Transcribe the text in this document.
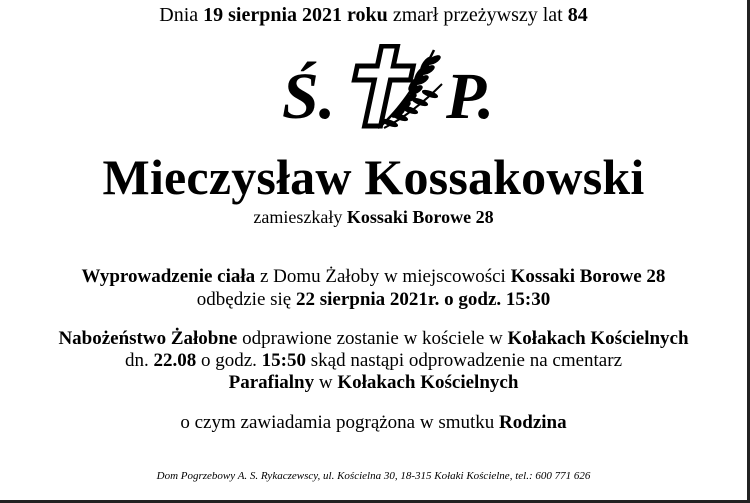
Dnia 19 sierpnia 2021 roku zmarł przeżywszy lat 84
Ś. P.
Mieczysław Kossakowski
zamieszkały Kossaki Borowe 28
Wyprowadzenie ciała z Domu Żałoby w miejscowości Kossaki Borowe 28
odbędzie się 22 sierpnia 2021r. o godz. 15:30
Nabożeństwo Żałobne odprawione zostanie w kościele w Kołakach Kościelnych
dn. 22.08 o godz. 15:50 skąd nastąpi odprowadzenie na cmentarz
Parafialny w Kołakach Kościelnych
o czym zawiadamia pogrążona w smutku Rodzina
Dom Pogrzebowy A. S. Rykaczewscy, ul. Kościelna 30, 18-315 Kołaki Kościelne, tel.: 600 771 626
